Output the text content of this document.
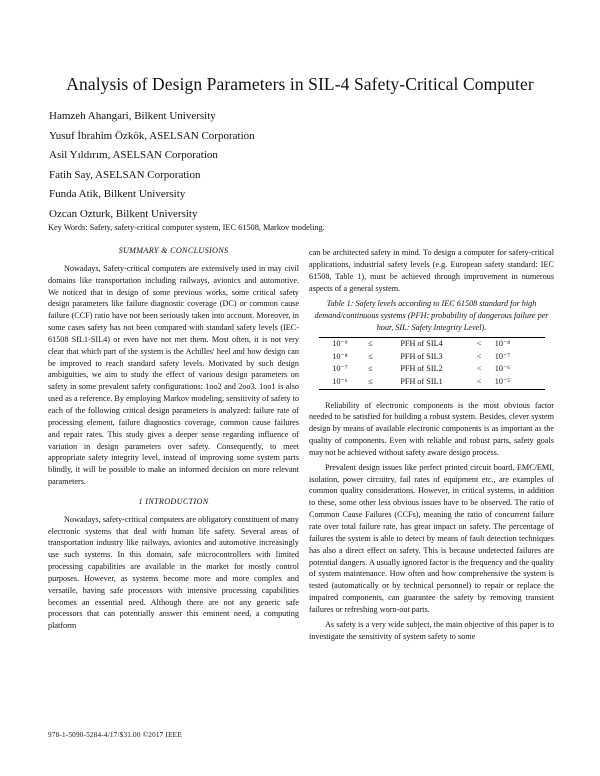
Analysis of Design Parameters in SIL-4 Safety-Critical Computer
Hamzeh Ahangari, Bilkent University
Yusuf İbrahim Özkök, ASELSAN Corporation
Asil Yıldırım, ASELSAN Corporation
Fatih Say, ASELSAN Corporation
Funda Atik, Bilkent University
Ozcan Ozturk, Bilkent University
Key Words: Safety, safety-critical computer system, IEC 61508, Markov modeling.
SUMMARY & CONCLUSIONS

Nowadays, Safety-critical computers are extensively used in may civil domains like transportation including railways, avionics and automotive. We noticed that in design of some previous works, some critical safety design parameters like failure diagnostic coverage (DC) or common cause failure (CCF) ratio have not been seriously taken into account. Moreover, in some cases safety has not been compared with standard safety levels (IEC-61508 SIL1-SIL4) or even have not met them. Most often, it is not very clear that which part of the system is the Achilles' heel and how design can be improved to reach standard safety levels. Motivated by such design ambiguities, we aim to study the effect of various design parameters on safety in some prevalent safety configurations: 1oo2 and 2oo3. 1oo1 is also used as a reference. By employing Markov modeling, sensitivity of safety to each of the following critical design parameters is analyzed: failure rate of processing element, failure diagnostics coverage, common cause failures and repair rates. This study gives a deeper sense regarding influence of variation in design parameters over safety. Consequently, to meet appropriate safety integrity level, instead of improving some system parts blindly, it will be possible to make an informed decision on more relevant parameters.

1 INTRODUCTION

Nowadays, safety-critical computers are obligatory constituent of many electronic systems that deal with human life safety. Several areas of transportation industry like railways, avionics and automotive increasingly use such systems. In this domain, safe microcontrollers with limited processing capabilities are available in the market for mostly control purposes. However, as systems become more and more complex and versatile, having safe processors with intensive processing capabilities becomes an essential need. Although there are not any generic safe processors that can potentially answer this eminent need, a computing platform

can be architected safety in mind. To design a computer for safety-critical applications, industrial safety levels (e.g. European safety standard: IEC 61508, Table 1), must be achieved through improvement in numerous aspects of a general system.

Table 1: Safety levels according to IEC 61508 standard for high demand/continuous systems (PFH: probability of dangerous failure per hour, SIL: Safety Integrity Level).
10⁻⁹	≤	PFH of SIL4	<	10⁻⁸
10⁻⁸	≤	PFH of SIL3	<	10⁻⁷
10⁻⁷	≤	PFH of SIL2	<	10⁻⁶
10⁻⁶	≤	PFH of SIL1	<	10⁻⁵

Reliability of electronic components is the most obvious factor needed to be satisfied for building a robust system. Besides, clever system design by means of available electronic components is as important as the quality of components. Even with reliable and robust parts, safety goals may not be achieved without safety aware design process.

Prevalent design issues like perfect printed circuit board, EMC/EMI, isolation, power circuitry, fail rates of equipment etc., are examples of common quality considerations. However, in critical systems, in addition to these, some other less obvious issues have to be observed. The ratio of Common Cause Failures (CCFs), meaning the ratio of concurrent failure rate over total failure rate, has great impact on safety. The percentage of failures the system is able to detect by means of fault detection techniques has also a direct effect on safety. This is because undetected failures are potential dangers. A usually ignored factor is the frequency and the quality of system maintenance. How often and how comprehensive the system is tested (automatically or by technical personnel) to repair or replace the impaired components, can guarantee the safety by removing transient failures or refreshing worn-out parts.

As safety is a very wide subject, the main objective of this paper is to investigate the sensitivity of system safety to some

978-1-5090-5284-4/17/$31.00 ©2017 IEEE
